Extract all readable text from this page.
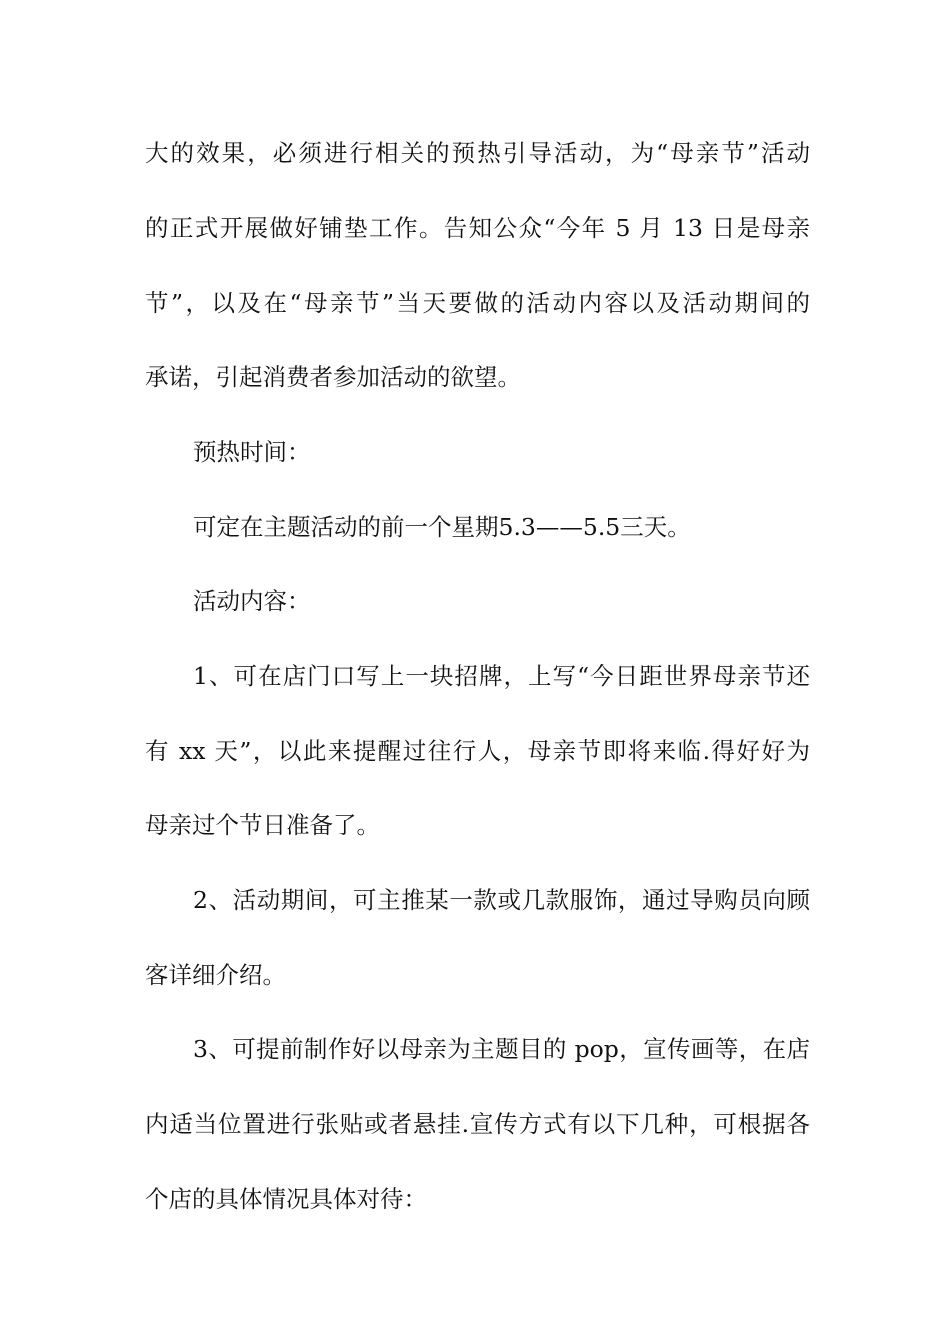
大的效果，必须进行相关的预热引导活动，为“母亲节”活动
的正式开展做好铺垫工作。告知公众“今年 5 月 13 日是母亲
节”，以及在“母亲节”当天要做的活动内容以及活动期间的
承诺，引起消费者参加活动的欲望。
预热时间：
可定在主题活动的前一个星期5.3——5.5三天。
活动内容：
1、可在店门口写上一块招牌，上写“今日距世界母亲节还
有 xx 天”，以此来提醒过往行人，母亲节即将来临.得好好为
母亲过个节日准备了。
2、活动期间，可主推某一款或几款服饰，通过导购员向顾
客详细介绍。
3、可提前制作好以母亲为主题目的 pop，宣传画等，在店
内适当位置进行张贴或者悬挂.宣传方式有以下几种，可根据各
个店的具体情况具体对待：
